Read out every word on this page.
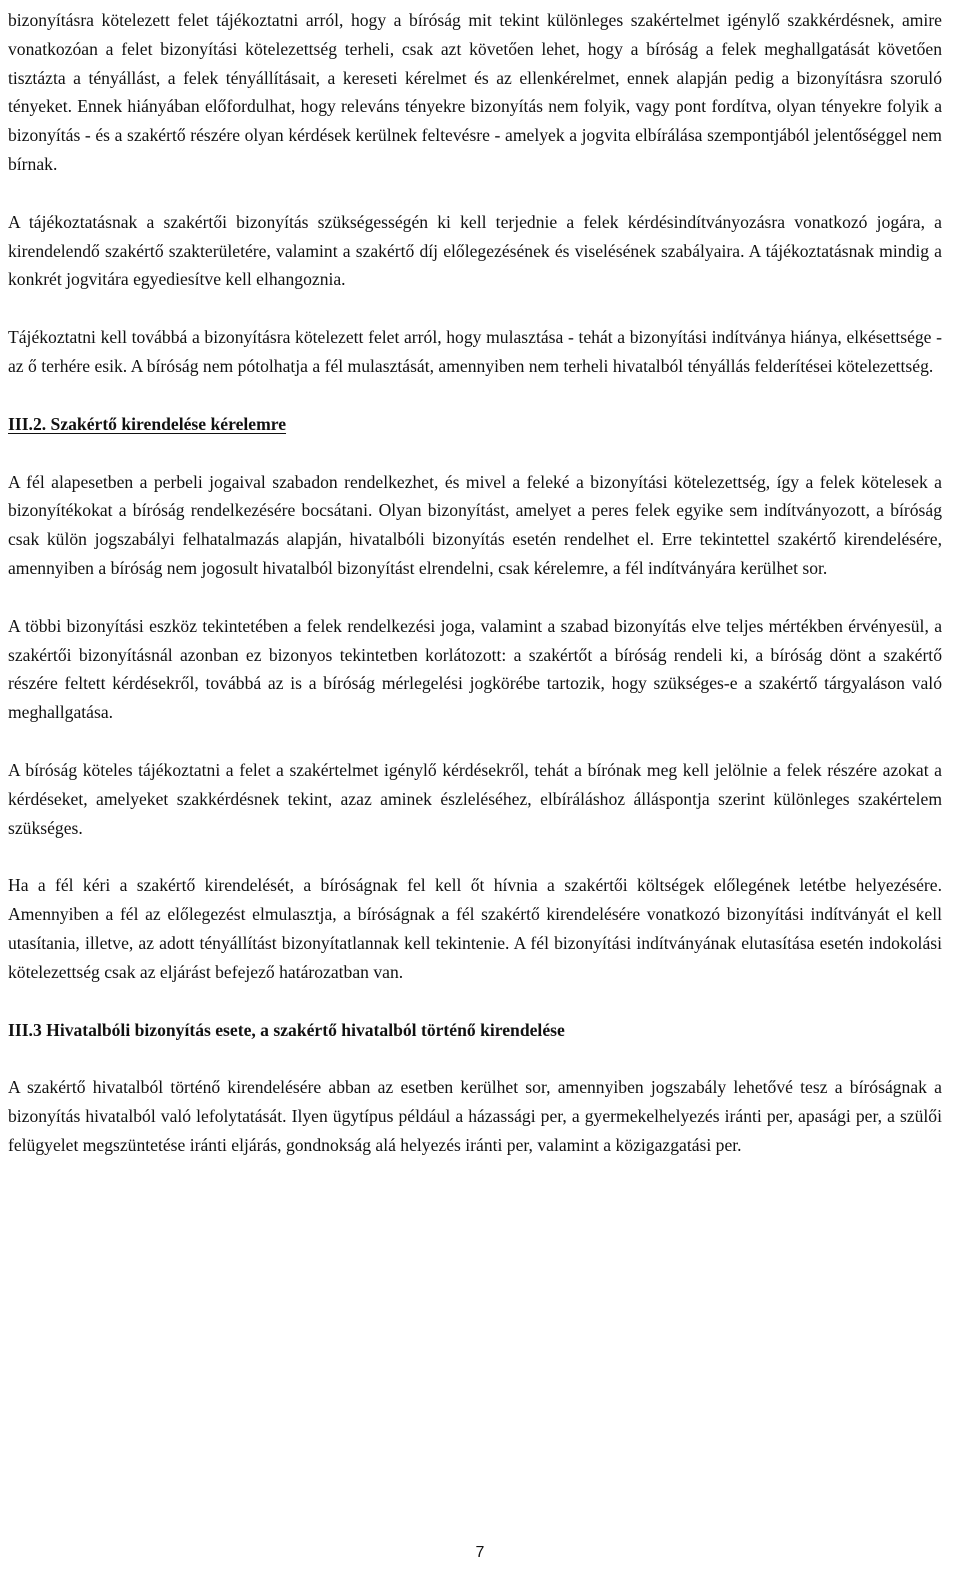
bizonyításra kötelezett felet tájékoztatni arról, hogy a bíróság mit tekint különleges szakértelmet igénylő szakkérdésnek, amire vonatkozóan a felet bizonyítási kötelezettség terheli, csak azt követően lehet, hogy a bíróság a felek meghallgatását követően tisztázta a tényállást, a felek tényállításait, a kereseti kérelmet és az ellenkérelmet, ennek alapján pedig a bizonyításra szoruló tényeket. Ennek hiányában előfordulhat, hogy releváns tényekre bizonyítás nem folyik, vagy pont fordítva, olyan tényekre folyik a bizonyítás - és a szakértő részére olyan kérdések kerülnek feltevésre - amelyek a jogvita elbírálása szempontjából jelentőséggel nem bírnak.

A tájékoztatásnak a szakértői bizonyítás szükségességén ki kell terjednie a felek kérdésindítványozásra vonatkozó jogára, a kirendelendő szakértő szakterületére, valamint a szakértő díj előlegezésének és viselésének szabályaira. A tájékoztatásnak mindig a konkrét jogvitára egyediesítve kell elhangoznia.

Tájékoztatni kell továbbá a bizonyításra kötelezett felet arról, hogy mulasztása - tehát a bizonyítási indítványa hiánya, elkésettsége - az ő terhére esik. A bíróság nem pótolhatja a fél mulasztását, amennyiben nem terheli hivatalból tényállás felderítései kötelezettség.

III.2. Szakértő kirendelése kérelemre

A fél alapesetben a perbeli jogaival szabadon rendelkezhet, és mivel a feleké a bizonyítási kötelezettség, így a felek kötelesek a bizonyítékokat a bíróság rendelkezésére bocsátani. Olyan bizonyítást, amelyet a peres felek egyike sem indítványozott, a bíróság csak külön jogszabályi felhatalmazás alapján, hivatalbóli bizonyítás esetén rendelhet el. Erre tekintettel szakértő kirendelésére, amennyiben a bíróság nem jogosult hivatalból bizonyítást elrendelni, csak kérelemre, a fél indítványára kerülhet sor.

A többi bizonyítási eszköz tekintetében a felek rendelkezési joga, valamint a szabad bizonyítás elve teljes mértékben érvényesül, a szakértői bizonyításnál azonban ez bizonyos tekintetben korlátozott: a szakértőt a bíróság rendeli ki, a bíróság dönt a szakértő részére feltett kérdésekről, továbbá az is a bíróság mérlegelési jogkörébe tartozik, hogy szükséges-e a szakértő tárgyaláson való meghallgatása.

A bíróság köteles tájékoztatni a felet a szakértelmet igénylő kérdésekről, tehát a bírónak meg kell jelölnie a felek részére azokat a kérdéseket, amelyeket szakkérdésnek tekint, azaz aminek észleléséhez, elbíráláshoz álláspontja szerint különleges szakértelem szükséges.

Ha a fél kéri a szakértő kirendelését, a bíróságnak fel kell őt hívnia a szakértői költségek előlegének letétbe helyezésére. Amennyiben a fél az előlegezést elmulasztja, a bíróságnak a fél szakértő kirendelésére vonatkozó bizonyítási indítványát el kell utasítania, illetve, az adott tényállítást bizonyítatlannak kell tekintenie. A fél bizonyítási indítványának elutasítása esetén indokolási kötelezettség csak az eljárást befejező határozatban van.

III.3 Hivatalbóli bizonyítás esete, a szakértő hivatalból történő kirendelése

A szakértő hivatalból történő kirendelésére abban az esetben kerülhet sor, amennyiben jogszabály lehetővé tesz a bíróságnak a bizonyítás hivatalból való lefolytatását. Ilyen ügytípus például a házassági per, a gyermekelhelyezés iránti per, apasági per, a szülői felügyelet megszüntetése iránti eljárás, gondnokság alá helyezés iránti per, valamint a közigazgatási per.

7
